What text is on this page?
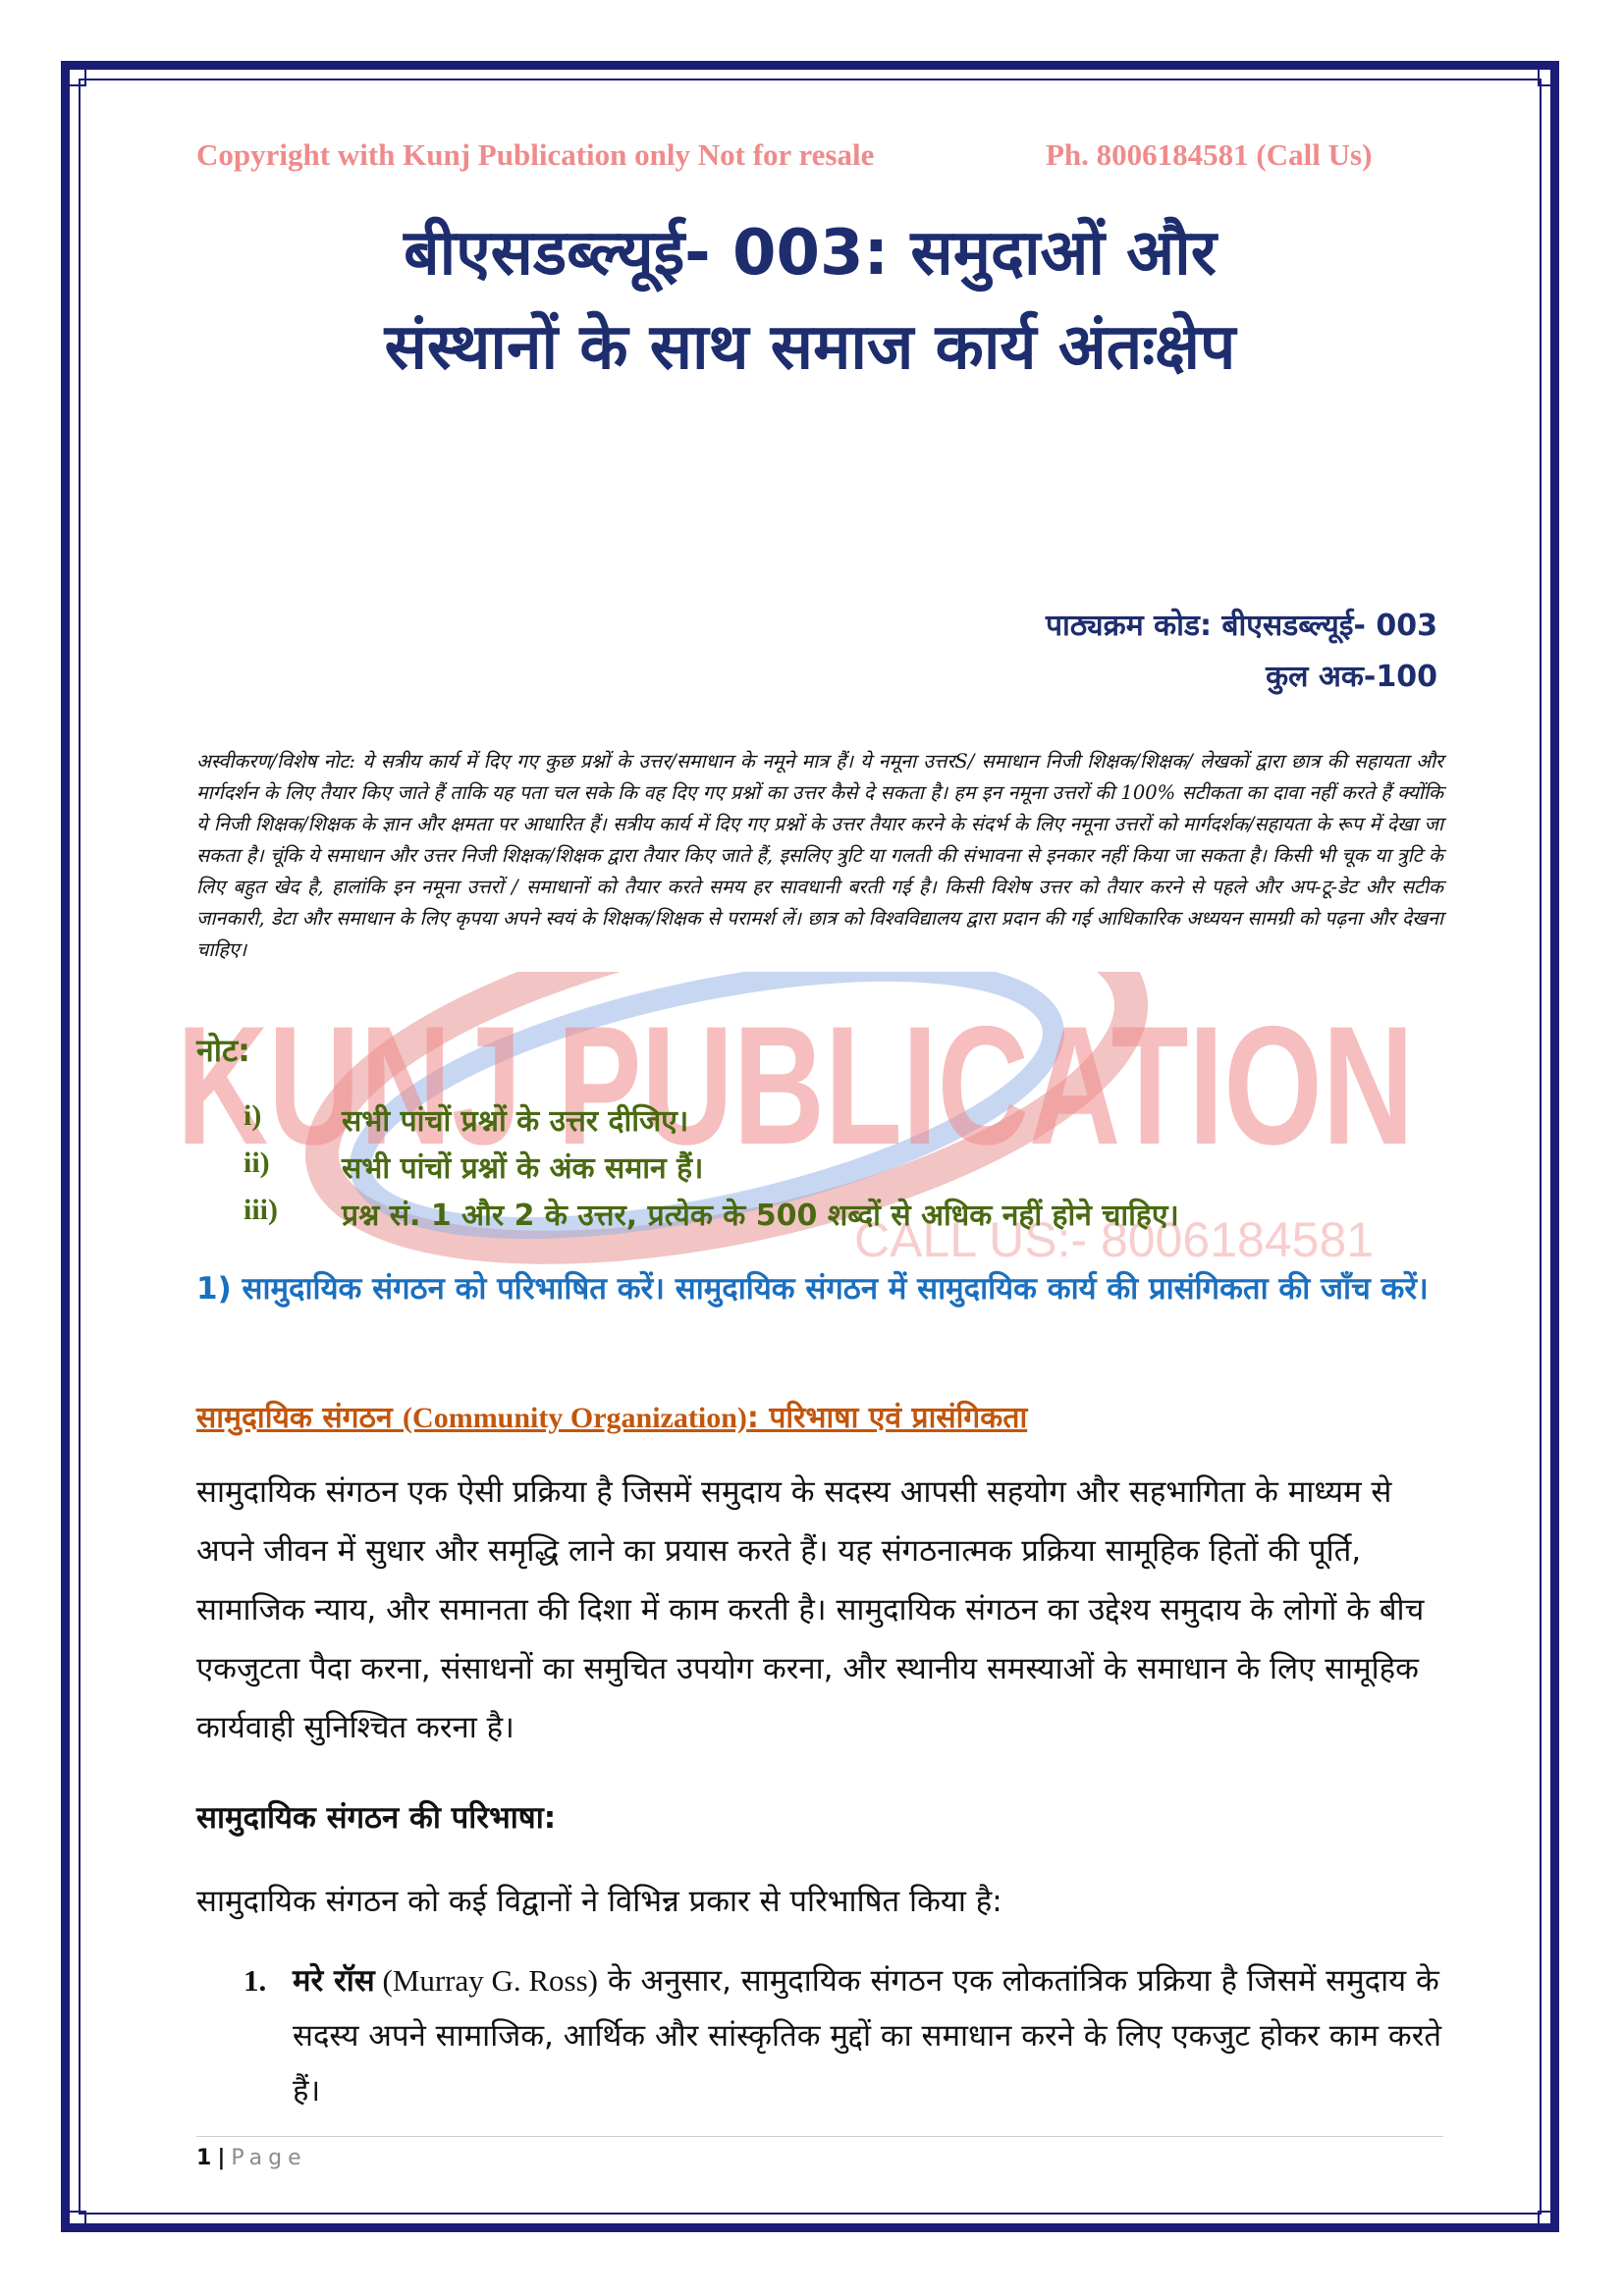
KUNJ PUBLICATION
CALL US:- 8006184581
Copyright with Kunj Publication only Not for resale	Ph. 8006184581 (Call Us)
बीएसडब्ल्यूई- 003: समुदाओं और
संस्थानों के साथ समाज कार्य अंतःक्षेप
पाठ्यक्रम कोड: बीएसडब्ल्यूई- 003
कुल अक-100
अस्वीकरण/विशेष नोट: ये सत्रीय कार्य में दिए गए कुछ प्रश्नों के उत्तर/समाधान के नमूने मात्र हैं। ये नमूना उत्तरS/ समाधान निजी शिक्षक/शिक्षक/ लेखकों द्वारा छात्र की सहायता और मार्गदर्शन के लिए तैयार किए जाते हैं ताकि यह पता चल सके कि वह दिए गए प्रश्नों का उत्तर कैसे दे सकता है। हम इन नमूना उत्तरों की 100% सटीकता का दावा नहीं करते हैं क्योंकि ये निजी शिक्षक/शिक्षक के ज्ञान और क्षमता पर आधारित हैं। सत्रीय कार्य में दिए गए प्रश्नों के उत्तर तैयार करने के संदर्भ के लिए नमूना उत्तरों को मार्गदर्शक/सहायता के रूप में देखा जा सकता है। चूंकि ये समाधान और उत्तर निजी शिक्षक/शिक्षक द्वारा तैयार किए जाते हैं, इसलिए त्रुटि या गलती की संभावना से इनकार नहीं किया जा सकता है। किसी भी चूक या त्रुटि के लिए बहुत खेद है, हालांकि इन नमूना उत्तरों / समाधानों को तैयार करते समय हर सावधानी बरती गई है। किसी विशेष उत्तर को तैयार करने से पहले और अप-टू-डेट और सटीक जानकारी, डेटा और समाधान के लिए कृपया अपने स्वयं के शिक्षक/शिक्षक से परामर्श लें। छात्र को विश्वविद्यालय द्वारा प्रदान की गई आधिकारिक अध्ययन सामग्री को पढ़ना और देखना चाहिए।
नोट:
i)	सभी पांचों प्रश्नों के उत्तर दीजिए।
ii) सभी पांचों प्रश्नों के अंक समान हैं।
iii) प्रश्न सं. 1 और 2 के उत्तर, प्रत्येक के 500 शब्दों से अधिक नहीं होने चाहिए।
1) सामुदायिक संगठन को परिभाषित करें। सामुदायिक संगठन में सामुदायिक कार्य की प्रासंगिकता की जाँच करें।
सामुदायिक संगठन (Community Organization): परिभाषा एवं प्रासंगिकता
सामुदायिक संगठन एक ऐसी प्रक्रिया है जिसमें समुदाय के सदस्य आपसी सहयोग और सहभागिता के माध्यम से अपने जीवन में सुधार और समृद्धि लाने का प्रयास करते हैं। यह संगठनात्मक प्रक्रिया सामूहिक हितों की पूर्ति, सामाजिक न्याय, और समानता की दिशा में काम करती है। सामुदायिक संगठन का उद्देश्य समुदाय के लोगों के बीच एकजुटता पैदा करना, संसाधनों का समुचित उपयोग करना, और स्थानीय समस्याओं के समाधान के लिए सामूहिक कार्यवाही सुनिश्चित करना है।
सामुदायिक संगठन की परिभाषा:
सामुदायिक संगठन को कई विद्वानों ने विभिन्न प्रकार से परिभाषित किया है:
1. मरे रॉस (Murray G. Ross) के अनुसार, सामुदायिक संगठन एक लोकतांत्रिक प्रक्रिया है जिसमें समुदाय के सदस्य अपने सामाजिक, आर्थिक और सांस्कृतिक मुद्दों का समाधान करने के लिए एकजुट होकर काम करते हैं।
1 | Page
